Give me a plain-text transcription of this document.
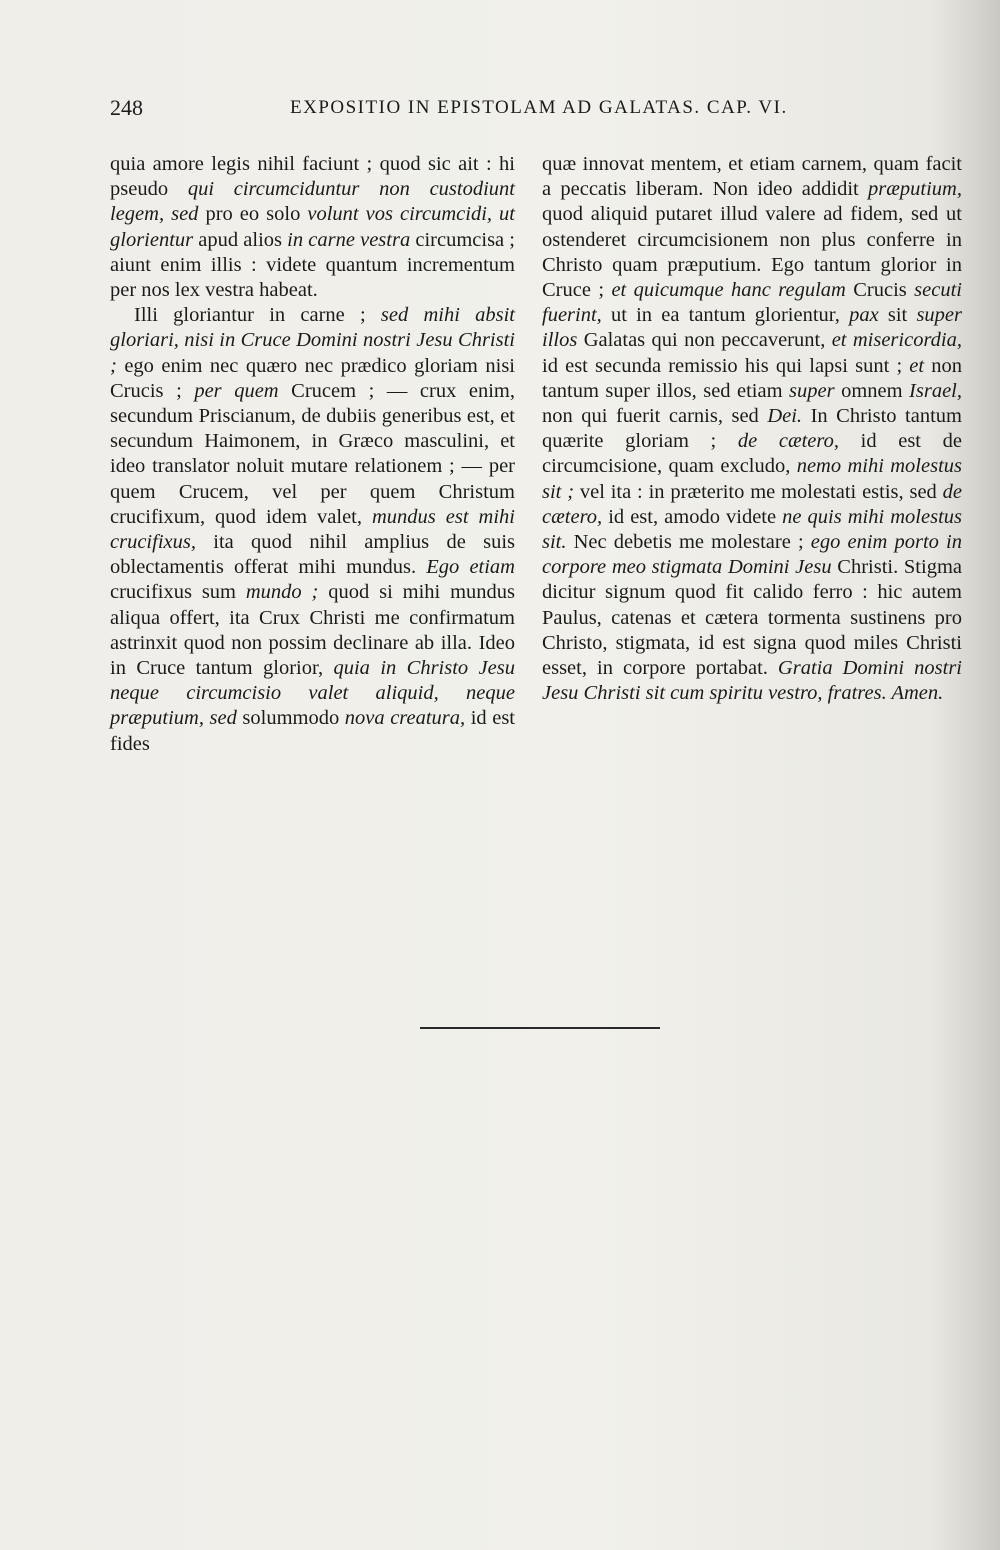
248	EXPOSITIO IN EPISTOLAM AD GALATAS. CAP. VI.

quia amore legis nihil faciunt ; quod sic ait : hi pseudo qui circumciduntur non custodiunt legem, sed pro eo solo volunt vos circumcidi, ut glorientur apud alios in carne vestra circumcisa ; aiunt enim illis : videte quantum incrementum per nos lex vestra habeat.

Illi gloriantur in carne ; sed mihi absit gloriari, nisi in Cruce Domini nostri Jesu Christi ; ego enim nec quæro nec prædico gloriam nisi Crucis ; per quem Crucem ; — crux enim, secundum Priscianum, de dubiis generibus est, et secundum Haimonem, in Græco masculini, et ideo translator noluit mutare relationem ; — per quem Crucem, vel per quem Christum crucifixum, quod idem valet, mundus est mihi crucifixus, ita quod nihil amplius de suis oblectamentis offerat mihi mundus. Ego etiam crucifixus sum mundo ; quod si mihi mundus aliqua offert, ita Crux Christi me confirmatum astrinxit quod non possim declinare ab illa. Ideo in Cruce tantum glorior, quia in Christo Jesu neque circumcisio valet aliquid, neque præputium, sed solummodo nova creatura, id est fides

quæ innovat mentem, et etiam carnem, quam facit a peccatis liberam. Non ideo addidit præputium, quod aliquid putaret illud valere ad fidem, sed ut ostenderet circumcisionem non plus conferre in Christo quam præputium. Ego tantum glorior in Cruce ; et quicumque hanc regulam Crucis secuti fuerint, ut in ea tantum glorientur, pax sit super illos Galatas qui non peccaverunt, et misericordia, id est secunda remissio his qui lapsi sunt ; et non tantum super illos, sed etiam super omnem Israel, non qui fuerit carnis, sed Dei. In Christo tantum quærite gloriam ; de cætero, id est de circumcisione, quam excludo, nemo mihi molestus sit ; vel ita : in præterito me molestati estis, sed de cætero, id est, amodo videte ne quis mihi molestus sit. Nec debetis me molestare ; ego enim porto in corpore meo stigmata Domini Jesu Christi. Stigma dicitur signum quod fit calido ferro : hic autem Paulus, catenas et cætera tormenta sustinens pro Christo, stigmata, id est signa quod miles Christi esset, in corpore portabat. Gratia Domini nostri Jesu Christi sit cum spiritu vestro, fratres. Amen.
